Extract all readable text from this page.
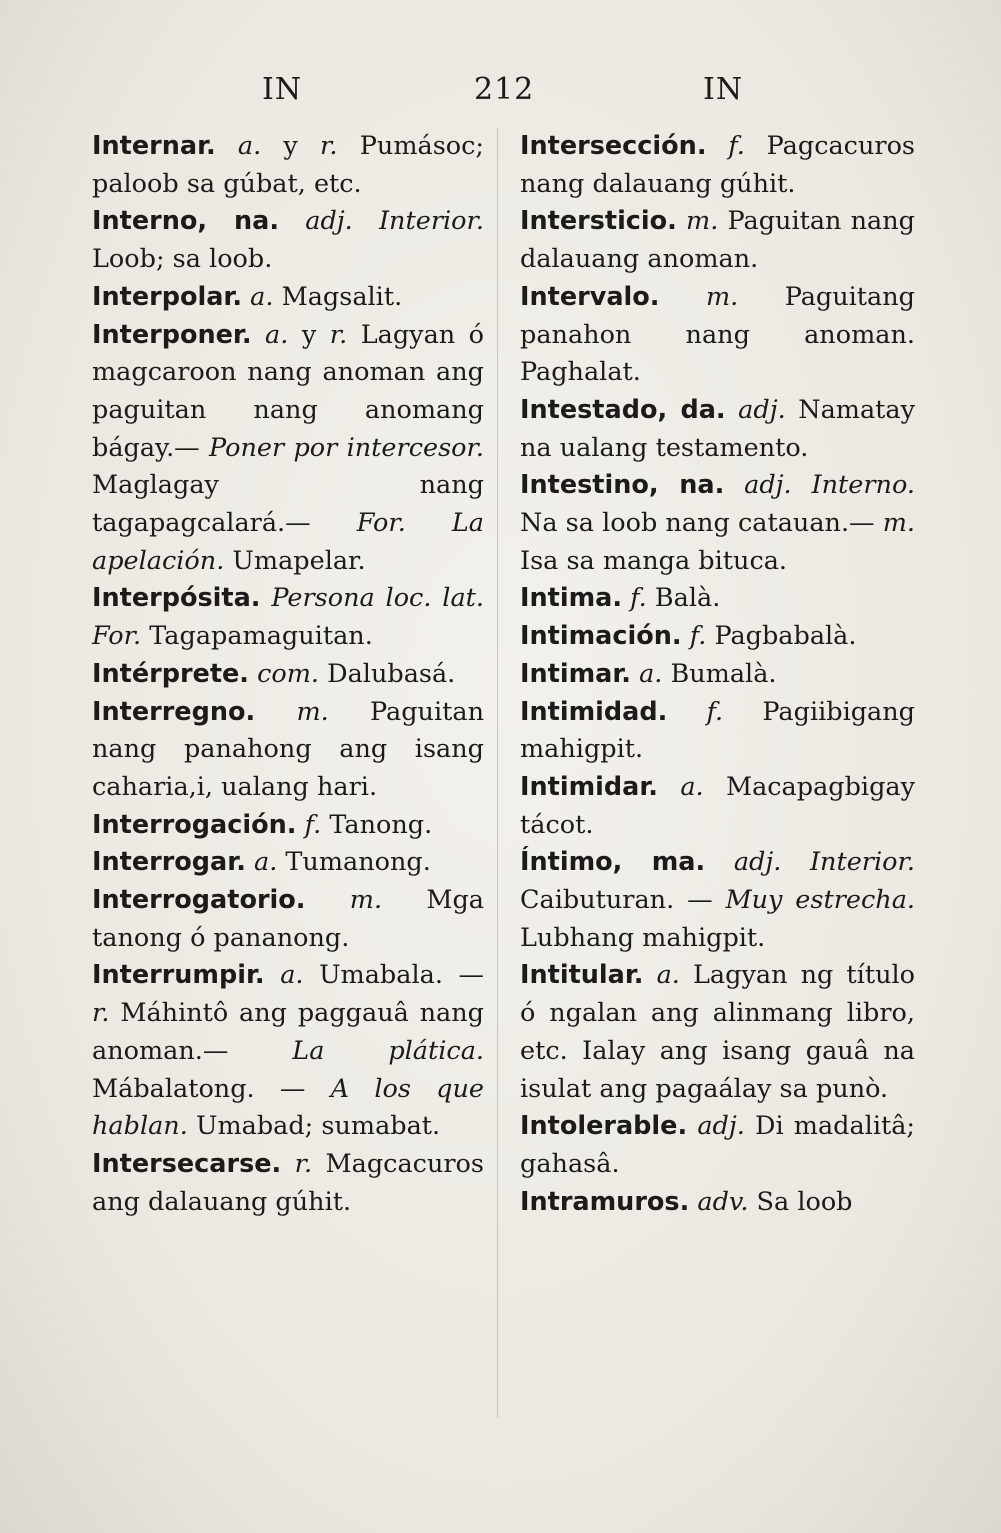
IN	212	IN
Internar. a. y r. Pumásoc; paloob sa gúbat, etc.
Interno, na. adj. Interior. Loob; sa loob.
Interpolar. a. Magsalit.
Interponer. a. y r. Lagyan ó magcaroon nang anoman ang paguitan nang anomang bágay.— Poner por intercesor. Maglagay nang tagapagcalará.— For. La apelación. Umapelar.
Interpósita. Persona loc. lat. For. Tagapamaguitan.
Intérprete. com. Dalubasá.
Interregno. m. Paguitan nang panahong ang isang caharia,i, ualang hari.
Interrogación. f. Tanong.
Interrogar. a. Tumanong.
Interrogatorio. m. Mga tanong ó pananong.
Interrumpir. a. Umabala. — r. Máhintô ang paggauâ nang anoman.—	La plática. Mábalatong. — A los que hablan. Umabad; sumabat.
Intersecarse. r. Magcacuros ang dalauang gúhit.
Intersección. f. Pagcacuros nang dalauang gúhit.
Intersticio. m. Paguitan nang dalauang anoman.
Intervalo. m. Paguitang panahon nang anoman. Paghalat.
Intestado, da. adj. Namatay na ualang testamento.
Intestino, na. adj. Interno. Na sa loob nang catauan.— m. Isa sa manga bituca.
Intima. f. Balà.
Intimación. f. Pagbabalà.
Intimar. a. Bumalà.
Intimidad. f. Pagiibigang mahigpit.
Intimidar. a. Macapagbigay tácot.
Íntimo, ma. adj. Interior. Caibuturan. — Muy estrecha. Lubhang mahigpit.
Intitular. a. Lagyan ng título ó ngalan ang alinmang libro, etc. Ialay ang isang gauâ na isulat ang pagaálay sa punò.
Intolerable. adj. Di madalitâ; gahasâ.
Intramuros. adv. Sa loob
